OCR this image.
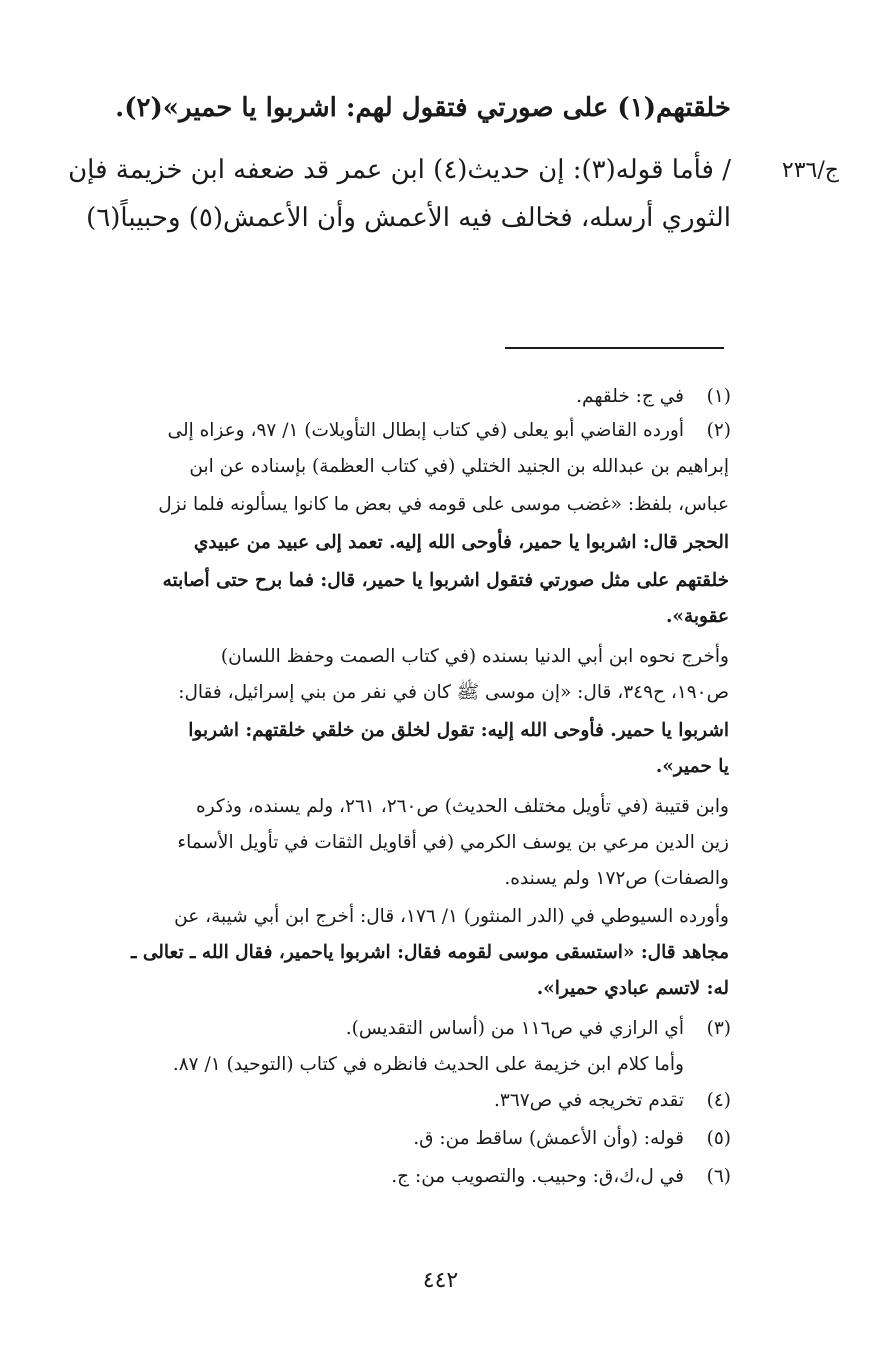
خلقتهم(١) على صورتي فتقول لهم: اشربوا يا حمير»(٢).
/ فأما قوله(٣): إن حديث(٤) ابن عمر قد ضعفه ابن خزيمة فإن
الثوري أرسله، فخالف فيه الأعمش وأن الأعمش(٥) وحبيباً(٦)
ج/٢٣٦
(١)
(٢)
(٣)
(٤)
(٥)
(٦)
في ج: خلقهم.
أورده القاضي أبو يعلى (في كتاب إبطال التأويلات) ١/ ٩٧، وعزاه إلى
إبراهيم بن عبدالله بن الجنيد الختلي (في كتاب العظمة) بإسناده عن ابن
عباس، بلفظ: «غضب موسى على قومه في بعض ما كانوا يسألونه فلما نزل
الحجر قال: اشربوا يا حمير، فأوحى الله إليه. تعمد إلى عبيد من عبيدي
خلقتهم على مثل صورتي فتقول اشربوا يا حمير، قال: فما برح حتى أصابته
عقوبة».
وأخرج نحوه ابن أبي الدنيا بسنده (في كتاب الصمت وحفظ اللسان)
ص١٩٠، ح٣٤٩، قال: «إن موسى ﷺ كان في نفر من بني إسرائيل، فقال:
اشربوا يا حمير. فأوحى الله إليه: تقول لخلق من خلقي خلقتهم: اشربوا
يا حمير».
وابن قتيبة (في تأويل مختلف الحديث) ص٢٦٠، ٢٦١، ولم يسنده، وذكره
زين الدين مرعي بن يوسف الكرمي (في أقاويل الثقات في تأويل الأسماء
والصفات) ص١٧٢ ولم يسنده.
وأورده السيوطي في (الدر المنثور) ١/ ١٧٦، قال: أخرج ابن أبي شيبة، عن
مجاهد قال: «استسقى موسى لقومه فقال: اشربوا ياحمير، فقال الله ـ تعالى ـ
له: لاتسم عبادي حميرا».
أي الرازي في ص١١٦ من (أساس التقديس).
وأما كلام ابن خزيمة على الحديث فانظره في كتاب (التوحيد) ١/ ٨٧.
تقدم تخريجه في ص٣٦٧.
قوله: (وأن الأعمش) ساقط من: ق.
في ل،ك،ق: وحبيب. والتصويب من: ج.
٤٤٢
